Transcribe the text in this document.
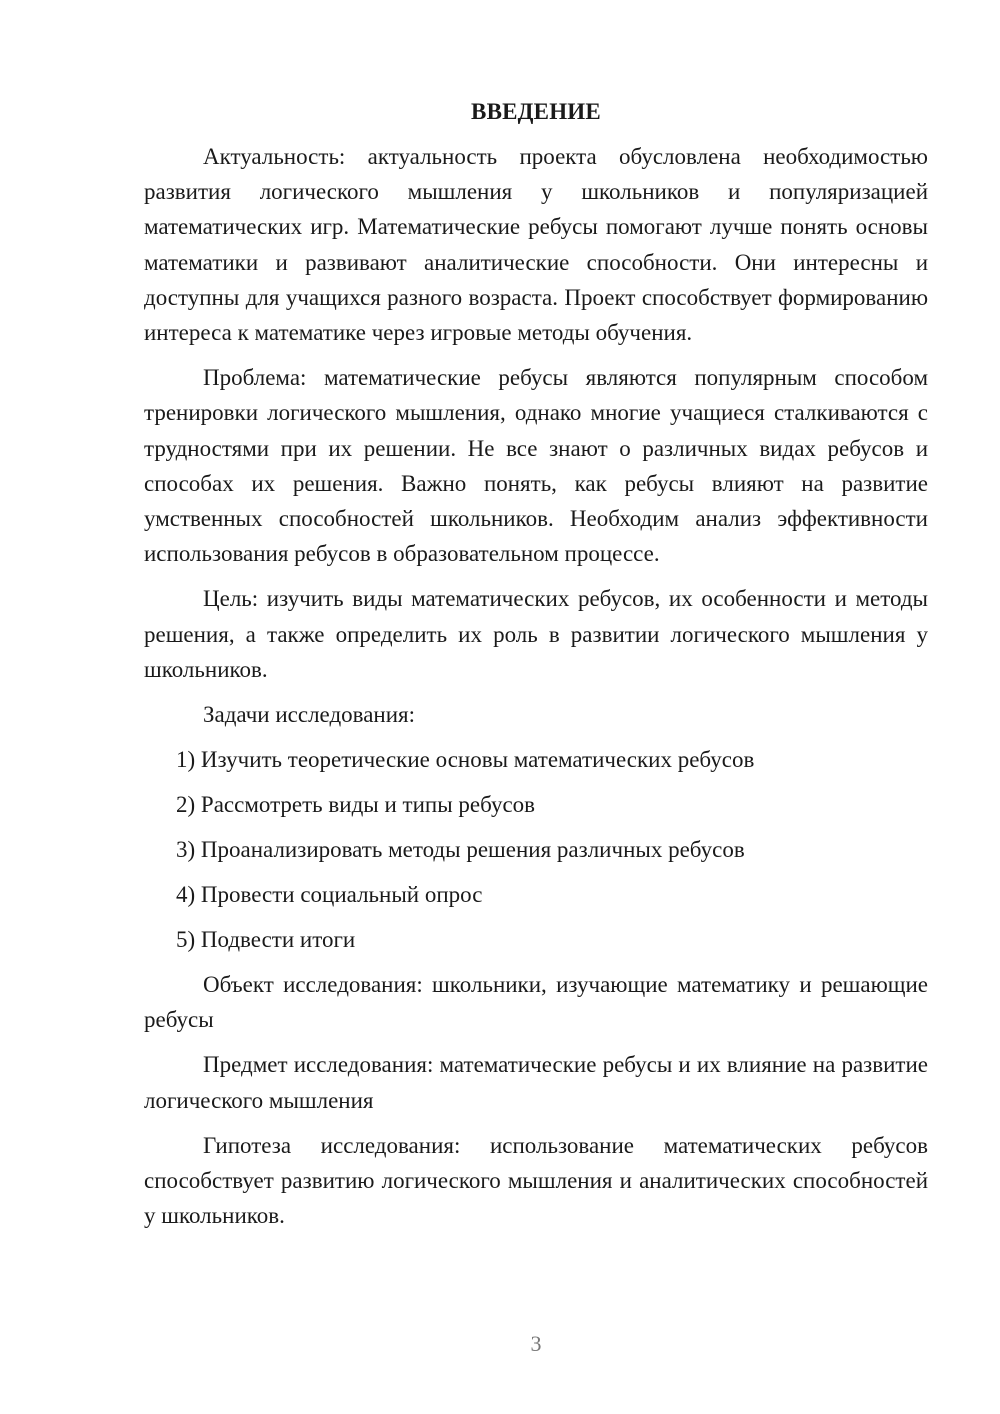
ВВЕДЕНИЕ

Актуальность: актуальность проекта обусловлена необходимостью развития логического мышления у школьников и популяризацией математических игр. Математические ребусы помогают лучше понять основы математики и развивают аналитические способности. Они интересны и доступны для учащихся разного возраста. Проект способствует формированию интереса к математике через игровые методы обучения.

Проблема: математические ребусы являются популярным способом тренировки логического мышления, однако многие учащиеся сталкиваются с трудностями при их решении. Не все знают о различных видах ребусов и способах их решения. Важно понять, как ребусы влияют на развитие умственных способностей школьников. Необходим анализ эффективности использования ребусов в образовательном процессе.

Цель: изучить виды математических ребусов, их особенности и методы решения, а также определить их роль в развитии логического мышления у школьников.

Задачи исследования:
1) Изучить теоретические основы математических ребусов
2) Рассмотреть виды и типы ребусов
3) Проанализировать методы решения различных ребусов
4) Провести социальный опрос
5) Подвести итоги

Объект исследования: школьники, изучающие математику и решающие ребусы

Предмет исследования: математические ребусы и их влияние на развитие логического мышления

Гипотеза исследования: использование математических ребусов способствует развитию логического мышления и аналитических способностей у школьников.

3
